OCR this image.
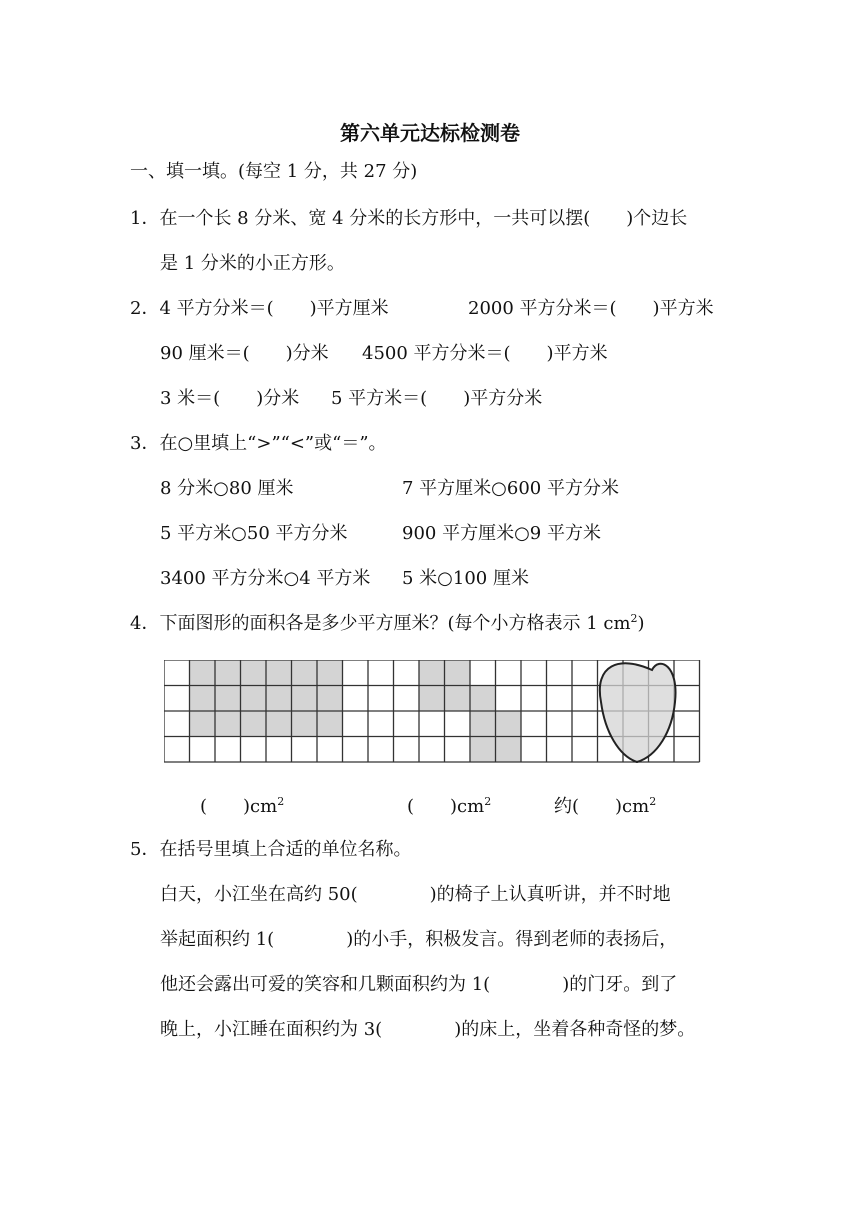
第六单元达标检测卷
一、填一填。(每空 1 分，共 27 分)
1．在一个长 8 分米、宽 4 分米的长方形中，一共可以摆(　　)个边长
是 1 分米的小正方形。
2．4 平方分米＝(　　)平方厘米	2000 平方分米＝(　　)平方米
90 厘米＝(　　)分米 4500 平方分米＝(　　)平方米
3 米＝(　　)分米 5 平方米＝(　　)平方分米
3．在○里填上“>”“<”或“＝”。
8 分米○80 厘米	7 平方厘米○600 平方分米
5 平方米○50 平方分米	900 平方厘米○9 平方米
3400 平方分米○4 平方米 5 米○100 厘米
4．下面图形的面积各是多少平方厘米？(每个小方格表示 1 $cm^2$)
(　　)$cm^2$	(　　)$cm^2$	约(　　)$cm^2$
5．在括号里填上合适的单位名称。
白天，小江坐在高约 50(　　　　)的椅子上认真听讲，并不时地
举起面积约 1(　　　　)的小手，积极发言。得到老师的表扬后，
他还会露出可爱的笑容和几颗面积约为 1(　　　　)的门牙。到了
晚上，小江睡在面积约为 3(　　　　)的床上，坐着各种奇怪的梦。
